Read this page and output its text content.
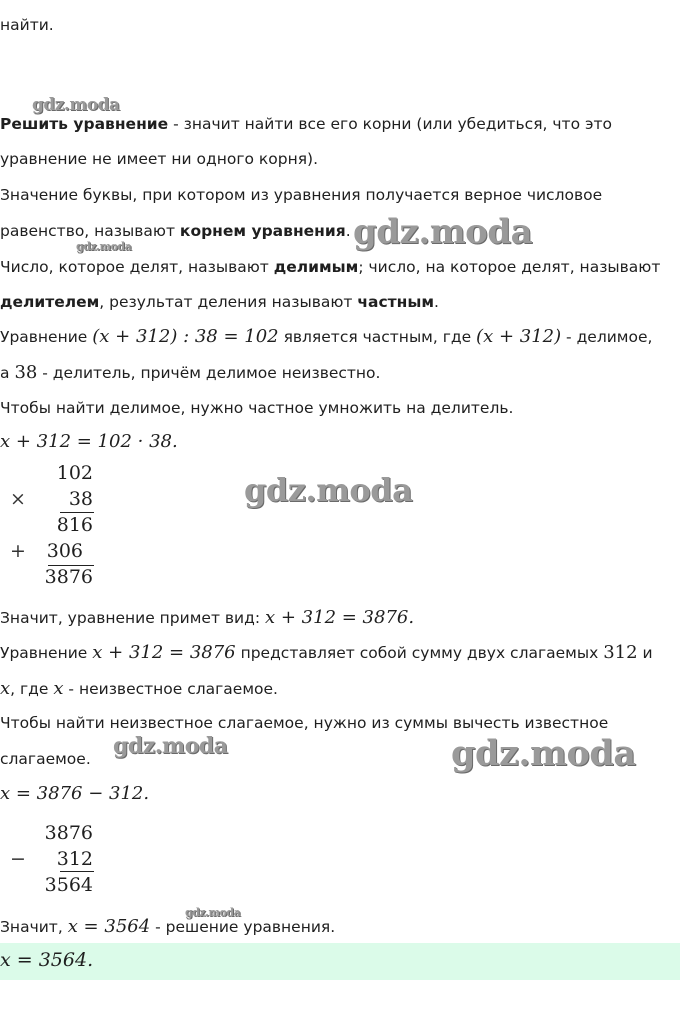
найти.
gdz.moda
gdz.moda
gdz.moda
gdz.moda
gdz.moda	gdz.moda
gdz.moda
Решить уравнение - значит найти все его корни (или убедиться, что это
уравнение не имеет ни одного корня).
Значение буквы, при котором из уравнения получается верное числовое
равенство, называют корнем уравнения.
Число, которое делят, называют делимым; число, на которое делят, называют
делителем, результат деления называют частным.
Уравнение (x + 312) : 38 = 102 является частным, где (x + 312) - делимое,
а 38 - делитель, причём делимое неизвестно.
Чтобы найти делимое, нужно частное умножить на делитель.
x + 312 = 102 · 38.
102
×	38
816
+	306
3876
Значит, уравнение примет вид: x + 312 = 3876.
Уравнение x + 312 = 3876 представляет собой сумму двух слагаемых 312 и
x, где x - неизвестное слагаемое.
Чтобы найти неизвестное слагаемое, нужно из суммы вычесть известное
слагаемое.
x = 3876 − 312.
3876
−	312
3564
Значит, x = 3564 - решение уравнения.
x = 3564.
